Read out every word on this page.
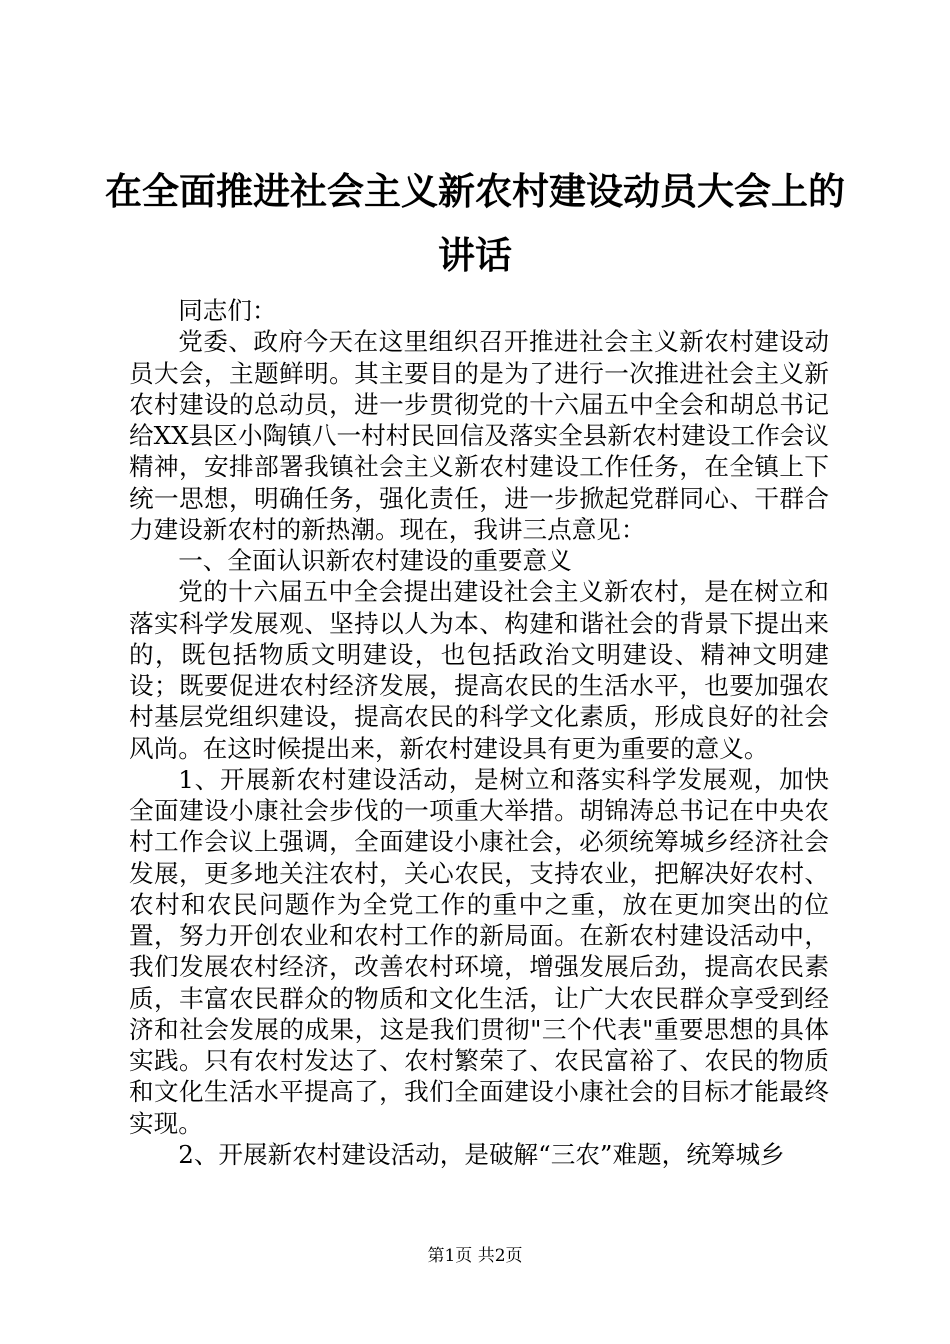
在全面推进社会主义新农村建设动员大会上的讲话

同志们：

党委、政府今天在这里组织召开推进社会主义新农村建设动员大会，主题鲜明。其主要目的是为了进行一次推进社会主义新农村建设的总动员，进一步贯彻党的十六届五中全会和胡总书记给XX县区小陶镇八一村村民回信及落实全县新农村建设工作会议精神，安排部署我镇社会主义新农村建设工作任务，在全镇上下统一思想，明确任务，强化责任，进一步掀起党群同心、干群合力建设新农村的新热潮。现在，我讲三点意见：

一、全面认识新农村建设的重要意义

党的十六届五中全会提出建设社会主义新农村，是在树立和落实科学发展观、坚持以人为本、构建和谐社会的背景下提出来的，既包括物质文明建设，也包括政治文明建设、精神文明建设；既要促进农村经济发展，提高农民的生活水平，也要加强农村基层党组织建设，提高农民的科学文化素质，形成良好的社会风尚。在这时候提出来，新农村建设具有更为重要的意义。

1、开展新农村建设活动，是树立和落实科学发展观，加快全面建设小康社会步伐的一项重大举措。胡锦涛总书记在中央农村工作会议上强调，全面建设小康社会，必须统筹城乡经济社会发展，更多地关注农村，关心农民，支持农业，把解决好农村、农村和农民问题作为全党工作的重中之重，放在更加突出的位置，努力开创农业和农村工作的新局面。在新农村建设活动中，我们发展农村经济，改善农村环境，增强发展后劲，提高农民素质，丰富农民群众的物质和文化生活，让广大农民群众享受到经济和社会发展的成果，这是我们贯彻"三个代表"重要思想的具体实践。只有农村发达了、农村繁荣了、农民富裕了、农民的物质和文化生活水平提高了，我们全面建设小康社会的目标才能最终实现。

2、开展新农村建设活动，是破解“三农”难题，统筹城乡

第1页 共2页
